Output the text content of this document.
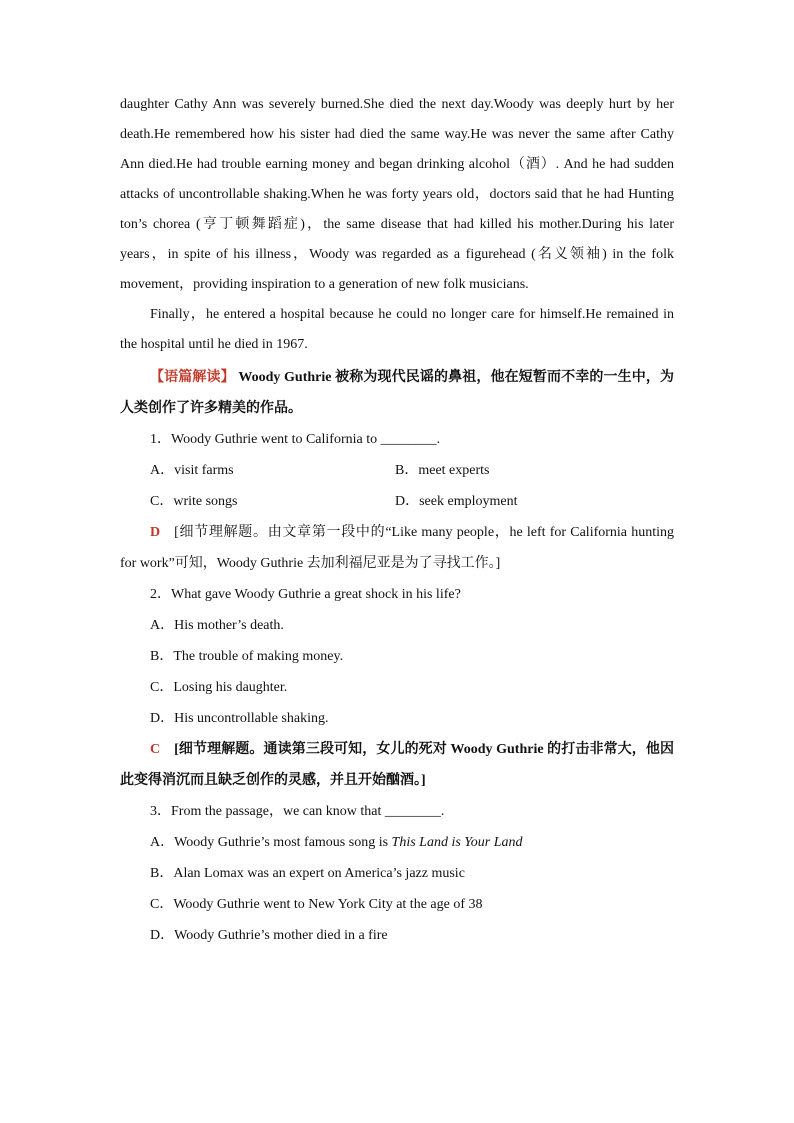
daughter Cathy Ann was severely burned.She died the next day.Woody was deeply hurt by her death.He remembered how his sister had died the same way.He was never the same after Cathy Ann died.He had trouble earning money and began drinking alcohol（酒）. And he had sudden attacks of uncontrollable shaking.When he was forty years old，doctors said that he had Hunting ton’s chorea (亨丁顿舞蹈症)，the same disease that had killed his mother.During his later years，in spite of his illness，Woody was regarded as a figurehead (名义领袖) in the folk movement，providing inspiration to a generation of new folk musicians.

Finally，he entered a hospital because he could no longer care for himself.He remained in the hospital until he died in 1967.

【语篇解读】 Woody Guthrie 被称为现代民谣的鼻祖，他在短暂而不幸的一生中，为人类创作了许多精美的作品。

1．Woody Guthrie went to California to ________.
A．visit farms	B．meet experts
C．write songs	D．seek employment

D [细节理解题。由文章第一段中的“Like many people，he left for California hunting for work”可知，Woody Guthrie 去加利福尼亚是为了寻找工作。]

2．What gave Woody Guthrie a great shock in his life?
A．His mother’s death.
B．The trouble of making money.
C．Losing his daughter.
D．His uncontrollable shaking.

C [细节理解题。通读第三段可知，女儿的死对 Woody Guthrie 的打击非常大，他因此变得消沉而且缺乏创作的灵感，并且开始酗酒。]

3．From the passage，we can know that ________.
A．Woody Guthrie’s most famous song is This Land is Your Land
B．Alan Lomax was an expert on America’s jazz music
C．Woody Guthrie went to New York City at the age of 38
D．Woody Guthrie’s mother died in a fire
